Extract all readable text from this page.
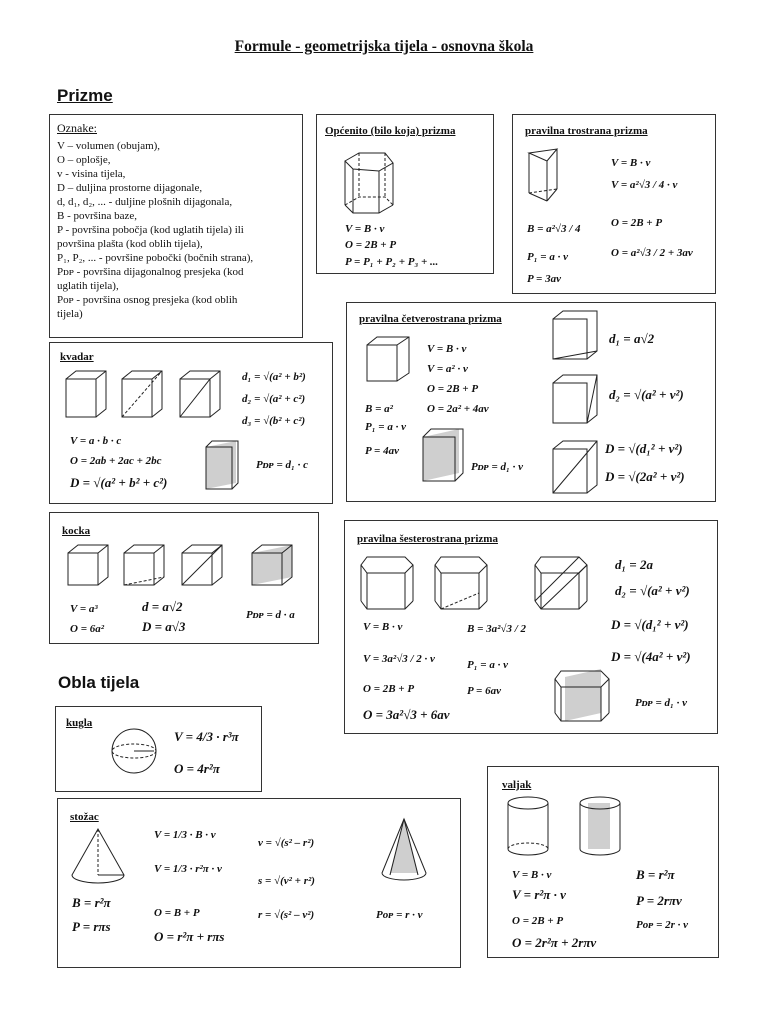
Formule - geometrijska tijela - osnovna škola
Prizme
Obla tijela
Oznake:
V – volumen (obujam),
O – oplošje,
v - visina tijela,
D – duljina prostorne dijagonale,
d, d₁, d₂, ... - duljine plošnih dijagonala,
B - površina baze,
P - površina pobočja (kod uglatih tijela) ili
površina plašta (kod oblih tijela),
P₁, P₂, ... - površine pobočki (bočnih strana),
Pᴅᴘ - površina dijagonalnog presjeka (kod
uglatih tijela),
Pᴏᴘ - površina osnog presjeka (kod oblih
tijela)
Općenito (bilo koja) prizma
V = B · v
O = 2B + P
P = P₁ + P₂ + P₃ + ...
pravilna trostrana prizma
V = B · v
V = a²√3 / 4 · v
B = a²√3 / 4	O = 2B + P
P₁ = a · v	O = a²√3 / 2 + 3av
P = 3av
kvadar
d₁ = √(a² + b²)
d₂ = √(a² + c²)
d₃ = √(b² + c²)
V = a · b · c
O = 2ab + 2ac + 2bc
D = √(a² + b² + c²)
Pᴅᴘ = d₁ · c
pravilna četverostrana prizma
V = B · v
V = a² · v
O = 2B + P
B = a²	O = 2a² + 4av
P₁ = a · v
P = 4av
Pᴅᴘ = d₁ · v
d₁ = a√2
d₂ = √(a² + v²)
D = √(d₁² + v²)
D = √(2a² + v²)
kocka
V = a³
O = 6a²
d = a√2
D = a√3
Pᴅᴘ = d · a
pravilna šesterostrana prizma
d₁ = 2a
d₂ = √(a² + v²)
D = √(d₁² + v²)
D = √(4a² + v²)
V = B · v	B = 3a²√3 / 2
V = 3a²√3 / 2 · v	P₁ = a · v
O = 2B + P	P = 6av
O = 3a²√3 + 6av
Pᴅᴘ = d₁ · v
kugla
V = 4/3 · r³π
O = 4r²π
valjak
V = B · v
V = r²π · v
O = 2B + P
O = 2r²π + 2rπv
B = r²π
P = 2rπv
Pᴏᴘ = 2r · v
stožac
B = r²π
P = rπs
V = 1/3 · B · v
V = 1/3 · r²π · v
O = B + P
O = r²π + rπs
v = √(s² – r²)
s = √(v² + r²)
r = √(s² – v²)	Pᴏᴘ = r · v
